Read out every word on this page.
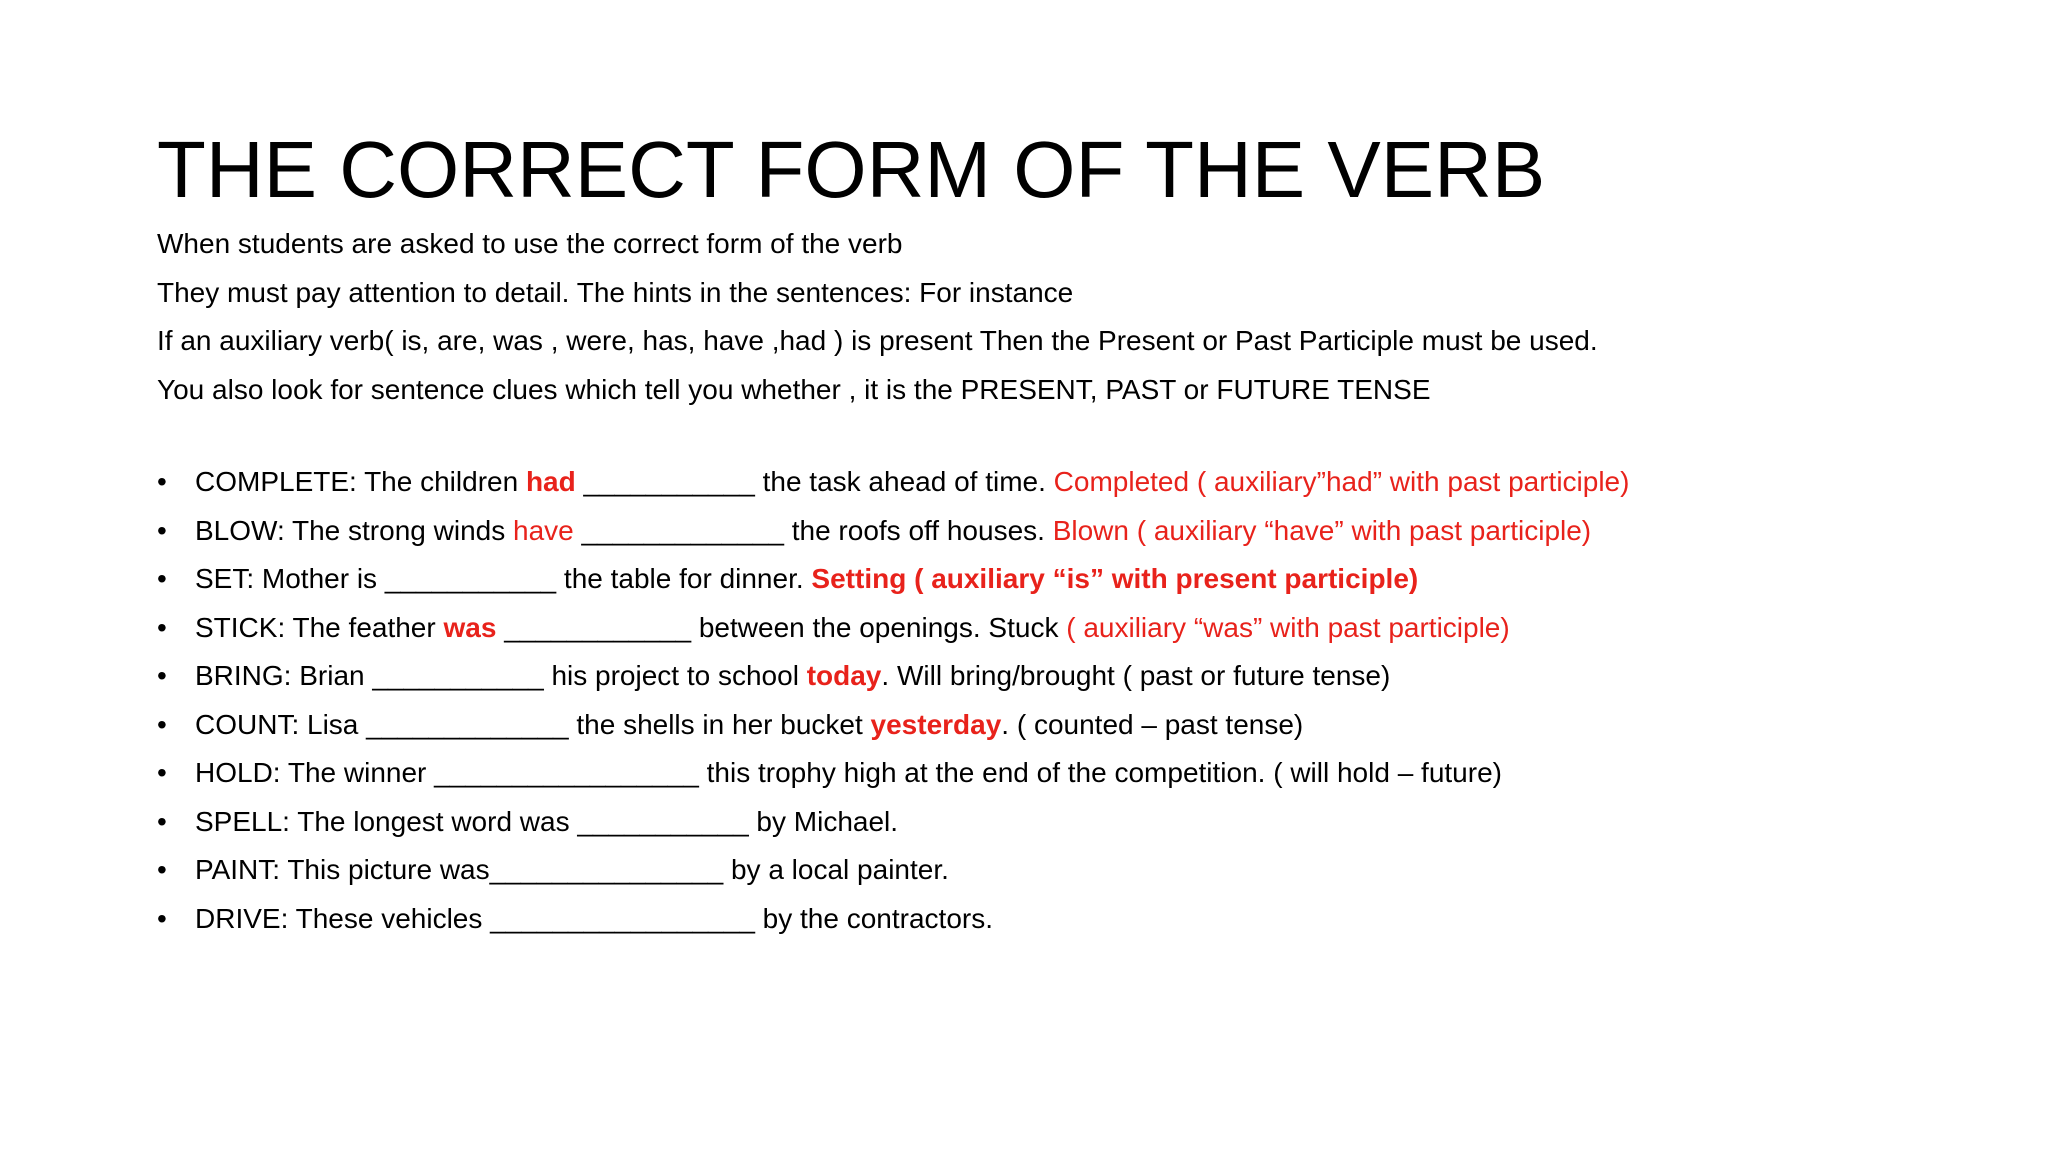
THE CORRECT FORM OF THE VERB

When students are asked to use the correct form of the verb

They must pay attention to detail. The hints in the sentences: For instance

If an auxiliary verb( is, are, was , were, has, have ,had ) is present Then the Present or Past Participle must be used.

You also look for sentence clues which tell you whether , it is the PRESENT, PAST or FUTURE TENSE

•	COMPLETE: The children had ___________ the task ahead of time. Completed ( auxiliary”had” with past participle)
•	BLOW: The strong winds have _____________ the roofs off houses. Blown ( auxiliary “have” with past participle)
•	SET: Mother is ___________ the table for dinner. Setting ( auxiliary “is” with present participle)
•	STICK: The feather was ____________ between the openings. Stuck ( auxiliary “was” with past participle)
•	BRING: Brian ___________ his project to school today. Will bring/brought ( past or future tense)
•	COUNT: Lisa _____________ the shells in her bucket yesterday. ( counted – past tense)
•	HOLD: The winner _________________ this trophy high at the end of the competition. ( will hold – future)
•	SPELL: The longest word was ___________ by Michael.
•	PAINT: This picture was_______________ by a local painter.
•	DRIVE: These vehicles _________________ by the contractors.
